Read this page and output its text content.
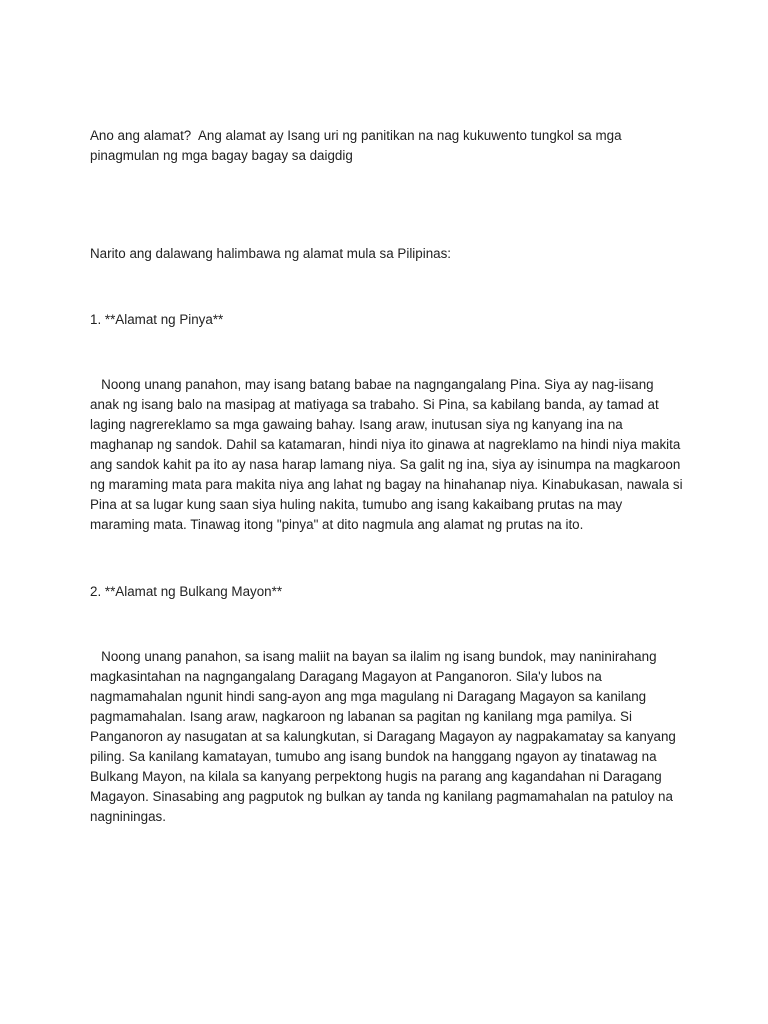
Ano ang alamat?  Ang alamat ay Isang uri ng panitikan na nag kukuwento tungkol sa mga pinagmulan ng mga bagay bagay sa daigdig

Narito ang dalawang halimbawa ng alamat mula sa Pilipinas:

1. **Alamat ng Pinya**

Noong unang panahon, may isang batang babae na nagngangalang Pina. Siya ay nag-iisang anak ng isang balo na masipag at matiyaga sa trabaho. Si Pina, sa kabilang banda, ay tamad at laging nagrereklamo sa mga gawaing bahay. Isang araw, inutusan siya ng kanyang ina na maghanap ng sandok. Dahil sa katamaran, hindi niya ito ginawa at nagreklamo na hindi niya makita ang sandok kahit pa ito ay nasa harap lamang niya. Sa galit ng ina, siya ay isinumpa na magkaroon ng maraming mata para makita niya ang lahat ng bagay na hinahanap niya. Kinabukasan, nawala si Pina at sa lugar kung saan siya huling nakita, tumubo ang isang kakaibang prutas na may maraming mata. Tinawag itong "pinya" at dito nagmula ang alamat ng prutas na ito.

2. **Alamat ng Bulkang Mayon**

Noong unang panahon, sa isang maliit na bayan sa ilalim ng isang bundok, may naninirahang magkasintahan na nagngangalang Daragang Magayon at Panganoron. Sila'y lubos na nagmamahalan ngunit hindi sang-ayon ang mga magulang ni Daragang Magayon sa kanilang pagmamahalan. Isang araw, nagkaroon ng labanan sa pagitan ng kanilang mga pamilya. Si Panganoron ay nasugatan at sa kalungkutan, si Daragang Magayon ay nagpakamatay sa kanyang piling. Sa kanilang kamatayan, tumubo ang isang bundok na hanggang ngayon ay tinatawag na Bulkang Mayon, na kilala sa kanyang perpektong hugis na parang ang kagandahan ni Daragang Magayon. Sinasabing ang pagputok ng bulkan ay tanda ng kanilang pagmamahalan na patuloy na nagniningas.
